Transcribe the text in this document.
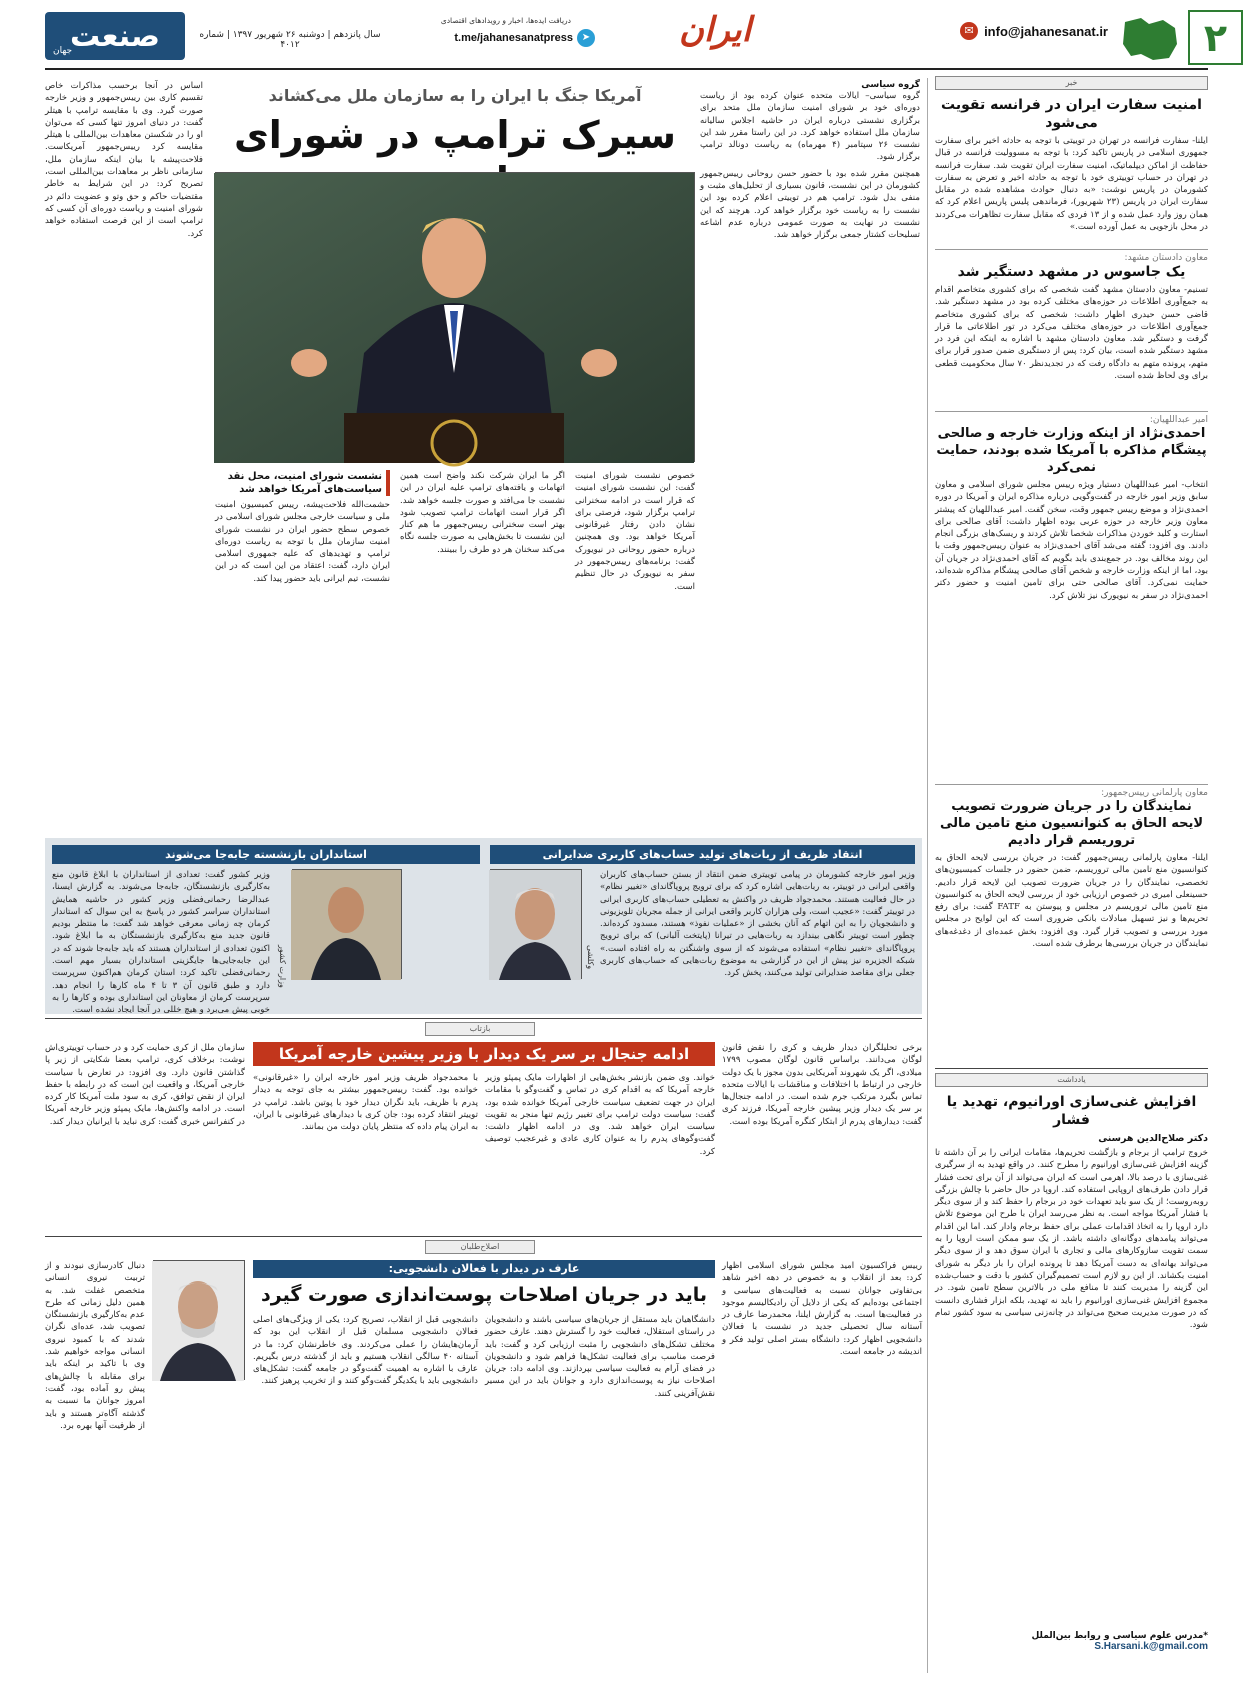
۲
✉ info@jahanesanat.ir
ایران
دریافت ایده‌ها، اخبار و رویدادهای اقتصادی
t.me/jahanesanatpress ➤
سال پانزدهم | دوشنبه ۲۶ شهریور ۱۳۹۷ | شماره ۴۰۱۲
صنعت
جهان
خبر
امنیت سفارت ایران در فرانسه تقویت می‌شود
ایلنا- سفارت فرانسه در تهران در توییتی با توجه به حادثه اخیر برای سفارت جمهوری اسلامی در پاریس تاکید کرد: با توجه به مسوولیت فرانسه در قبال حفاظت از اماکن دیپلماتیک، امنیت سفارت ایران تقویت شد. سفارت فرانسه در تهران در حساب توییتری خود با توجه به حادثه اخیر و تعرض به سفارت کشورمان در پاریس نوشت: «به دنبال حوادث مشاهده شده در مقابل سفارت ایران در پاریس (۲۳ شهریور)، فرماندهی پلیس پاریس اعلام کرد که همان روز وارد عمل شده و از ۱۳ فردی که مقابل سفارت تظاهرات می‌کردند در محل بازجویی به عمل آورده است.»
معاون دادستان مشهد:
یک جاسوس در مشهد دستگیر شد
تسنیم- معاون دادستان مشهد گفت شخصی که برای کشوری متخاصم اقدام به جمع‌آوری اطلاعات در حوزه‌های مختلف کرده بود در مشهد دستگیر شد. قاضی حسن حیدری اظهار داشت: شخصی که برای کشوری متخاصم جمع‌آوری اطلاعات در حوزه‌های مختلف می‌کرد در تور اطلاعاتی ما قرار گرفت و دستگیر شد. معاون دادستان مشهد با اشاره به اینکه این فرد در مشهد دستگیر شده است، بیان کرد: پس از دستگیری ضمن صدور قرار برای متهم، پرونده متهم به دادگاه رفت که در تجدیدنظر ۷۰ سال محکومیت قطعی برای وی لحاظ شده است.
امیر عبداللهیان:
احمدی‌نژاد از اینکه وزارت خارجه و صالحی پیشگام مذاکره با آمریکا شده بودند، حمایت نمی‌کرد
انتخاب- امیر عبداللهیان دستیار ویژه رییس مجلس شورای اسلامی و معاون سابق وزیر امور خارجه در گفت‌وگویی درباره مذاکره ایران و آمریکا در دوره احمدی‌نژاد و موضع رییس جمهور وقت، سخن گفت. امیر عبداللهیان که پیشتر معاون وزیر خارجه در حوزه عربی بوده اظهار داشت: آقای صالحی برای استارت و کلید خوردن مذاکرات شخصا تلاش کردند و ریسک‌های بزرگی انجام دادند. وی افزود: گفته می‌شد آقای احمدی‌نژاد به عنوان رییس‌جمهور وقت با این روند مخالف بود. در جمع‌بندی باید بگویم که آقای احمدی‌نژاد در جریان آن بود، اما از اینکه وزارت خارجه و شخص آقای صالحی پیشگام مذاکره شده‌اند، حمایت نمی‌کرد. آقای صالحی حتی برای تامین امنیت و حضور دکتر احمدی‌نژاد در سفر به نیویورک نیز تلاش کرد.
معاون پارلمانی رییس‌جمهور:
نمایندگان را در جریان ضرورت تصویب لایحه الحاق به کنوانسیون منع تامین مالی تروریسم قرار دادیم
ایلنا- معاون پارلمانی رییس‌جمهور گفت: در جریان بررسی لایحه الحاق به کنوانسیون منع تامین مالی تروریسم، ضمن حضور در جلسات کمیسیون‌های تخصصی، نمایندگان را در جریان ضرورت تصویب این لایحه قرار دادیم. حسینعلی امیری در خصوص ارزیابی خود از بررسی لایحه الحاق به کنوانسیون منع تامین مالی تروریسم در مجلس و پیوستن به FATF گفت: برای رفع تحریم‌ها و نیز تسهیل مبادلات بانکی ضروری است که این لوایح در مجلس مورد بررسی و تصویب قرار گیرد. وی افزود: بخش عمده‌ای از دغدغه‌های نمایندگان در جریان بررسی‌ها برطرف شده است.
یادداشت
افزایش غنی‌سازی اورانیوم، تهدید یا فشار
دکتر صلاح‌الدین هرسنی
خروج ترامپ از برجام و بازگشت تحریم‌ها، مقامات ایرانی را بر آن داشته تا گزینه افزایش غنی‌سازی اورانیوم را مطرح کنند. در واقع تهدید به از سرگیری غنی‌سازی با درصد بالا، اهرمی است که ایران می‌تواند از آن برای تحت فشار قرار دادن طرف‌های اروپایی استفاده کند. اروپا در حال حاضر با چالش بزرگی روبه‌روست؛ از یک سو باید تعهدات خود در برجام را حفظ کند و از سوی دیگر با فشار آمریکا مواجه است. به نظر می‌رسد ایران با طرح این موضوع تلاش دارد اروپا را به اتخاذ اقدامات عملی برای حفظ برجام وادار کند. اما این اقدام می‌تواند پیامدهای دوگانه‌ای داشته باشد. از یک سو ممکن است اروپا را به سمت تقویت سازوکارهای مالی و تجاری با ایران سوق دهد و از سوی دیگر می‌تواند بهانه‌ای به دست آمریکا دهد تا پرونده ایران را بار دیگر به شورای امنیت بکشاند. از این رو لازم است تصمیم‌گیران کشور با دقت و حساب‌شده این گزینه را مدیریت کنند تا منافع ملی در بالاترین سطح تامین شود. در مجموع افزایش غنی‌سازی اورانیوم را باید نه تهدید، بلکه ابزار فشاری دانست که در صورت مدیریت صحیح می‌تواند در چانه‌زنی سیاسی به سود کشور تمام شود.
*مدرس علوم سیاسی و روابط بین‌الملل
S.Harsani.k@gmail.com
اساس در آنجا برحسب مذاکرات خاص تقسیم کاری بین رییس‌جمهور و وزیر خارجه صورت گیرد. وی با مقایسه ترامپ با هیتلر گفت: در دنیای امروز تنها کسی که می‌توان او را در شکستن معاهدات بین‌المللی با هیتلر مقایسه کرد رییس‌جمهور آمریکاست. فلاحت‌پیشه با بیان اینکه سازمان ملل، سازمانی ناظر بر معاهدات بین‌المللی است، تصریح کرد: در این شرایط به خاطر مقتضیات حاکم و حق وتو و عضویت دائم در شورای امنیت و ریاست دوره‌ای آن کسی که ترامپ است از این فرصت استفاده خواهد کرد.
آمریکا جنگ با ایران را به سازمان ملل می‌کشاند
سیرک ترامپ در شورای
گروه سیاسی
گروه سیاسی– ایالات متحده عنوان کرده بود از ریاست دوره‌ای خود بر شورای امنیت سازمان ملل متحد برای برگزاری نشستی درباره ایران در حاشیه اجلاس سالیانه سازمان ملل استفاده خواهد کرد. در این راستا مقرر شد این نشست ۲۶ سپتامبر (۴ مهرماه) به ریاست دونالد ترامپ برگزار شود.
همچنین مقرر شده بود با حضور حسن روحانی رییس‌جمهور کشورمان در این نشست، قانون بسیاری از تحلیل‌های مثبت و منفی بدل شود. ترامپ هم در توییتی اعلام کرده بود این نشست را به ریاست خود برگزار خواهد کرد. هرچند که این نشست در نهایت به صورت عمومی درباره عدم اشاعه تسلیحات کشتار جمعی برگزار خواهد شد.
خصوص نشست شورای امنیت گفت: این نشست شورای امنیت که قرار است در ادامه سخنرانی ترامپ برگزار شود، فرصتی برای نشان دادن رفتار غیرقانونی آمریکا خواهد بود. وی همچنین درباره حضور روحانی در نیویورک گفت: برنامه‌های رییس‌جمهور در سفر به نیویورک در حال تنظیم است.
اگر ما ایران شرکت نکند واضح است همین اتهامات و یافته‌های ترامپ علیه ایران در این نشست جا می‌افتد و صورت جلسه خواهد شد. اگر قرار است اتهامات ترامپ تصویب شود بهتر است سخنرانی رییس‌جمهور ما هم کنار این نشست تا بخش‌هایی به صورت جلسه نگاه می‌کند سخنان هر دو طرف را ببینند.
نشست شورای امنیت، محل نقد سیاست‌های آمریکا خواهد شد
حشمت‌الله فلاحت‌پیشه، رییس کمیسیون امنیت ملی و سیاست خارجی مجلس شورای اسلامی در خصوص سطح حضور ایران در نشست شورای امنیت سازمان ملل با توجه به ریاست دوره‌ای ترامپ و تهدیدهای که علیه جمهوری اسلامی ایران دارد، گفت: اعتقاد من این است که در این نشست، تیم ایرانی باید حضور پیدا کند.
انتقاد ظریف از ربات‌های تولید حساب‌های کاربری ضدایرانی
وکلشی
وزیر امور خارجه کشورمان در پیامی توییتری ضمن انتقاد از بستن حساب‌های کاربران واقعی ایرانی در توییتر، به ربات‌هایی اشاره کرد که برای ترویج پروپاگاندای «تغییر نظام» در حال فعالیت هستند. محمدجواد ظریف در واکنش به تعطیلی حساب‌های کاربری ایرانی در توییتر گفت: «عجیب است، ولی هزاران کاربر واقعی ایرانی از جمله مجریان تلویزیونی و دانشجویان را به این اتهام که آنان بخشی از «عملیات نفوذ» هستند، مسدود کرده‌اند. چطور است توییتر نگاهی بیندازد به ربات‌هایی در تیرانا (پایتخت آلبانی) که برای ترویج پروپاگاندای «تغییر نظام» استفاده می‌شوند که از سوی واشنگتن به راه افتاده است.» شبکه الجزیره نیز پیش از این در گزارشی به موضوع ربات‌هایی که حساب‌های کاربری جعلی برای مقاصد ضدایرانی تولید می‌کنند، پخش کرد.
استانداران بازنشسته جابه‌جا می‌شوند
وزیر کشور گفت: تعدادی از استانداران با ابلاغ قانون منع به‌کارگیری بازنشستگان، جابه‌جا می‌شوند. به گزارش ایسنا، عبدالرضا رحمانی‌فضلی وزیر کشور در حاشیه همایش استانداران سراسر کشور در پاسخ به این سوال که استاندار کرمان چه زمانی معرفی خواهد شد گفت: ما منتظر بودیم قانون جدید منع به‌کارگیری بازنشستگان به ما ابلاغ شود. اکنون تعدادی از استانداران هستند که باید جابه‌جا شوند که در این جابه‌جایی‌ها جایگزینی استانداران بسیار مهم است. رحمانی‌فضلی تاکید کرد: استان کرمان هم‌اکنون سرپرست دارد و طبق قانون آن ۳ تا ۴ ماه کارها را انجام دهد. سرپرست کرمان از معاونان این استانداری بوده و کارها را به خوبی پیش می‌برد و هیچ خللی در آنجا ایجاد نشده است.
وزارت کشور
بازتاب
برخی تحلیلگران دیدار ظریف و کری را نقض قانون لوگان می‌دانند. براساس قانون لوگان مصوب ۱۷۹۹ میلادی، اگر یک شهروند آمریکایی بدون مجوز با یک دولت خارجی در ارتباط با اختلافات و مناقشات با ایالات متحده تماس بگیرد مرتکب جرم شده است. در ادامه جنجال‌ها بر سر یک دیدار وزیر پیشین خارجه آمریکا، فرزند کری گفت: دیدارهای پدرم از ابتکار کنگره آمریکا بوده است.
ادامه جنجال بر سر یک دیدار با وزیر پیشین خارجه آمریکا
خواند. وی ضمن بازنشر بخش‌هایی از اظهارات مایک پمپئو وزیر خارجه آمریکا که به اقدام کری در تماس و گفت‌وگو با مقامات ایران در جهت تضعیف سیاست خارجی آمریکا خوانده شده بود، گفت: سیاست دولت ترامپ برای تغییر رژیم تنها منجر به تقویت سیاست ایران خواهد شد. وی در ادامه اظهار داشت: گفت‌وگوهای پدرم را به عنوان کاری عادی و غیرعجیب توصیف کرد.
با محمدجواد ظریف وزیر امور خارجه ایران را «غیرقانونی» خوانده بود. گفت: رییس‌جمهور بیشتر به جای توجه به دیدار پدرم با ظریف، باید نگران دیدار خود با پوتین باشد. ترامپ در توییتر انتقاد کرده بود: جان کری با دیدارهای غیرقانونی با ایران، به ایران پیام داده که منتظر پایان دولت من بمانند.
سازمان ملل از کری حمایت کرد و در حساب توییتری‌اش نوشت: برخلاف کری، ترامپ بعضا شکایتی از زیر پا گذاشتن قانون دارد. وی افزود: در تعارض با سیاست خارجی آمریکا، و واقعیت این است که در رابطه با حفظ ایران از نقض توافق، کری به سود ملت آمریکا کار کرده است. در ادامه واکنش‌ها، مایک پمپئو وزیر خارجه آمریکا در کنفرانس خبری گفت: کری نباید با ایرانیان دیدار کند.
اصلاح‌طلبان
رییس فراکسیون امید مجلس شورای اسلامی اظهار کرد: بعد از انقلاب و به خصوص در دهه اخیر شاهد بی‌تفاوتی جوانان نسبت به فعالیت‌های سیاسی و اجتماعی بوده‌ایم که یکی از دلایل آن رادیکالیسم موجود در فعالیت‌ها است. به گزارش ایلنا، محمدرضا عارف در آستانه سال تحصیلی جدید در نشست با فعالان دانشجویی اظهار کرد: دانشگاه بستر اصلی تولید فکر و اندیشه در جامعه است.
عارف در دیدار با فعالان دانشجویی:
باید در جریان اصلاحات پوست‌اندازی صورت گیرد
دانشگاهیان باید مستقل از جریان‌های سیاسی باشند و دانشجویان در راستای استقلال، فعالیت خود را گسترش دهند. عارف حضور مختلف تشکل‌های دانشجویی را مثبت ارزیابی کرد و گفت: باید فرصت مناسب برای فعالیت تشکل‌ها فراهم شود و دانشجویان در فضای آرام به فعالیت سیاسی بپردازند. وی ادامه داد: جریان اصلاحات نیاز به پوست‌اندازی دارد و جوانان باید در این مسیر نقش‌آفرینی کنند.
دانشجویی قبل از انقلاب، تصریح کرد: یکی از ویژگی‌های اصلی فعالان دانشجویی مسلمان قبل از انقلاب این بود که آرمان‌هایشان را عملی می‌کردند. وی خاطرنشان کرد: ما در آستانه ۴۰ سالگی انقلاب هستیم و باید از گذشته درس بگیریم. عارف با اشاره به اهمیت گفت‌وگو در جامعه گفت: تشکل‌های دانشجویی باید با یکدیگر گفت‌وگو کنند و از تخریب پرهیز کنند.
دنبال کادرسازی نبودند و از تربیت نیروی انسانی متخصص غفلت شد. به همین دلیل زمانی که طرح عدم به‌کارگیری بازنشستگان تصویب شد، عده‌ای نگران شدند که با کمبود نیروی انسانی مواجه خواهیم شد. وی با تاکید بر اینکه باید برای مقابله با چالش‌های پیش رو آماده بود، گفت: امروز جوانان ما نسبت به گذشته آگاه‌تر هستند و باید از ظرفیت آنها بهره برد.
